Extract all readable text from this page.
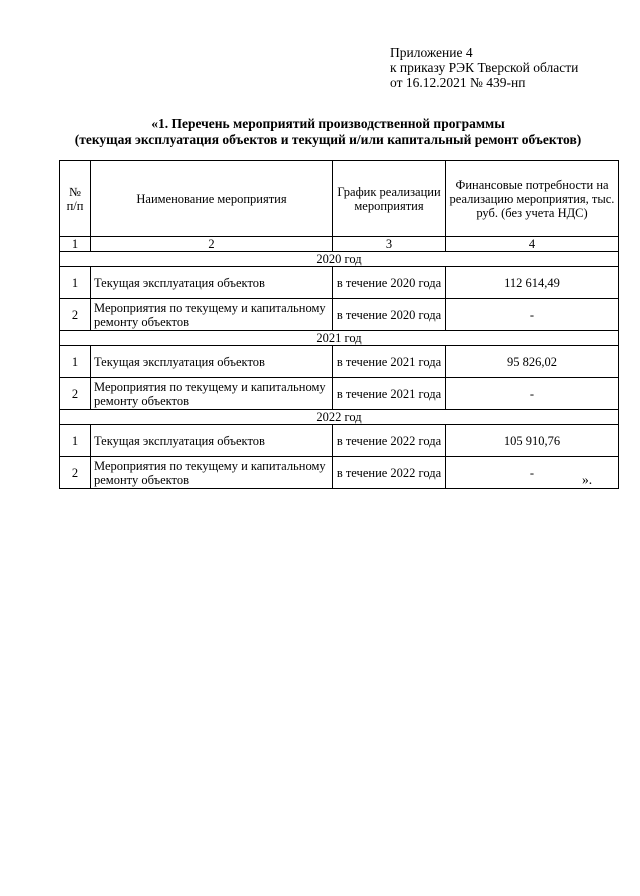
Приложение 4
к приказу РЭК Тверской области
от 16.12.2021 № 439-нп
«1. Перечень мероприятий производственной программы
(текущая эксплуатация объектов и текущий и/или капитальный ремонт объектов)
№ п/п	Наименование мероприятия	График реализации мероприятия	Финансовые потребности на реализацию мероприятия, тыс. руб. (без учета НДС)
1	2	3	4
2020 год			
1	Текущая эксплуатация объектов	в течение 2020 года	112 614,49
2	Мероприятия по текущему и капитальному ремонту объектов	в течение 2020 года	-
2021 год			
1	Текущая эксплуатация объектов	в течение 2021 года	95 826,02
2	Мероприятия по текущему и капитальному ремонту объектов	в течение 2021 года	-
2022 год			
1	Текущая эксплуатация объектов	в течение 2022 года	105 910,76
2	Мероприятия по текущему и капитальному ремонту объектов	в течение 2022 года	-	».
